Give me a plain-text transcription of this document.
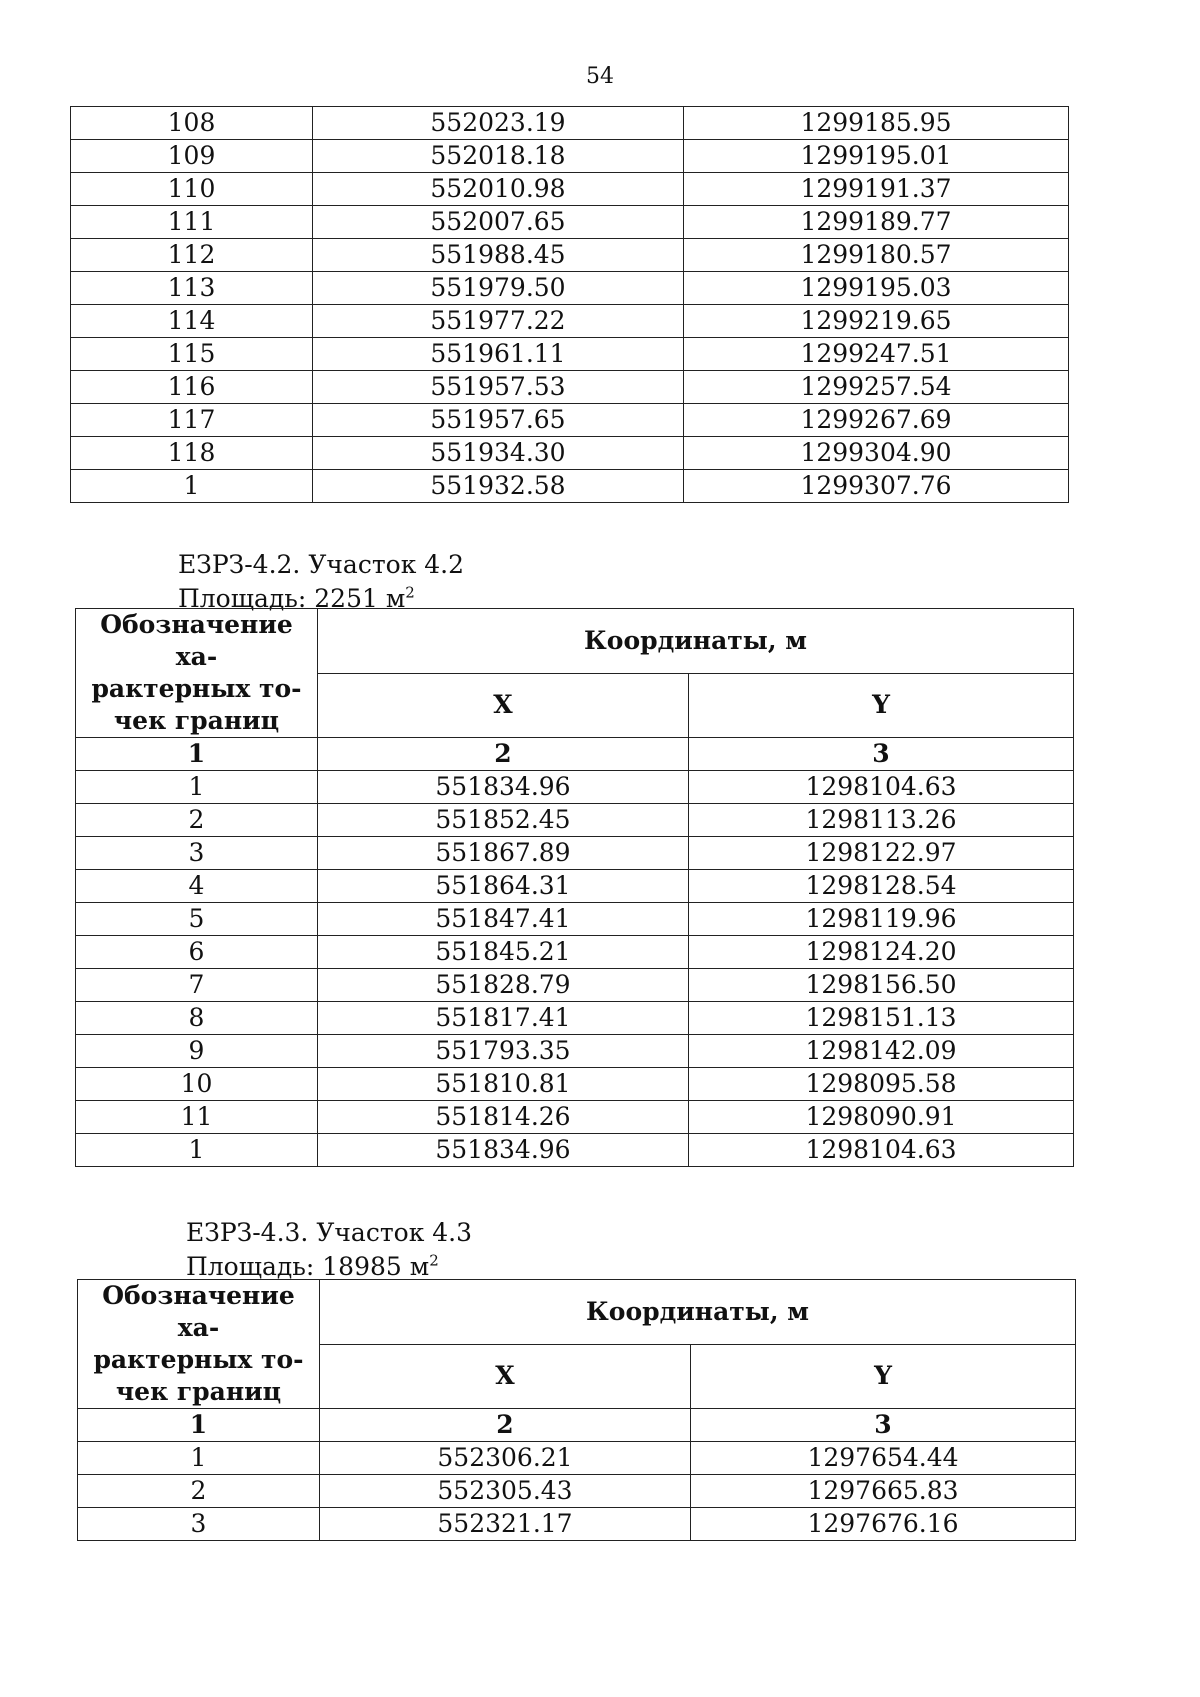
54
108	552023.19	1299185.95
109	552018.18	1299195.01
110	552010.98	1299191.37
111	552007.65	1299189.77
112	551988.45	1299180.57
113	551979.50	1299195.03
114	551977.22	1299219.65
115	551961.11	1299247.51
116	551957.53	1299257.54
117	551957.65	1299267.69
118	551934.30	1299304.90
1	551932.58	1299307.76
ЕЗРЗ-4.2. Участок 4.2
Площадь: 2251 $м^2$
Обозначение ха-
рактерных то-
чек границ	Координаты, м	
	X	Y
1	2	3
1	551834.96	1298104.63
2	551852.45	1298113.26
3	551867.89	1298122.97
4	551864.31	1298128.54
5	551847.41	1298119.96
6	551845.21	1298124.20
7	551828.79	1298156.50
8	551817.41	1298151.13
9	551793.35	1298142.09
10	551810.81	1298095.58
11	551814.26	1298090.91
1	551834.96	1298104.63
ЕЗРЗ-4.3. Участок 4.3
Площадь: 18985 $м^2$
Обозначение ха-
рактерных то-
чек границ	Координаты, м	
	X	Y
1	2	3
1	552306.21	1297654.44
2	552305.43	1297665.83
3	552321.17	1297676.16
